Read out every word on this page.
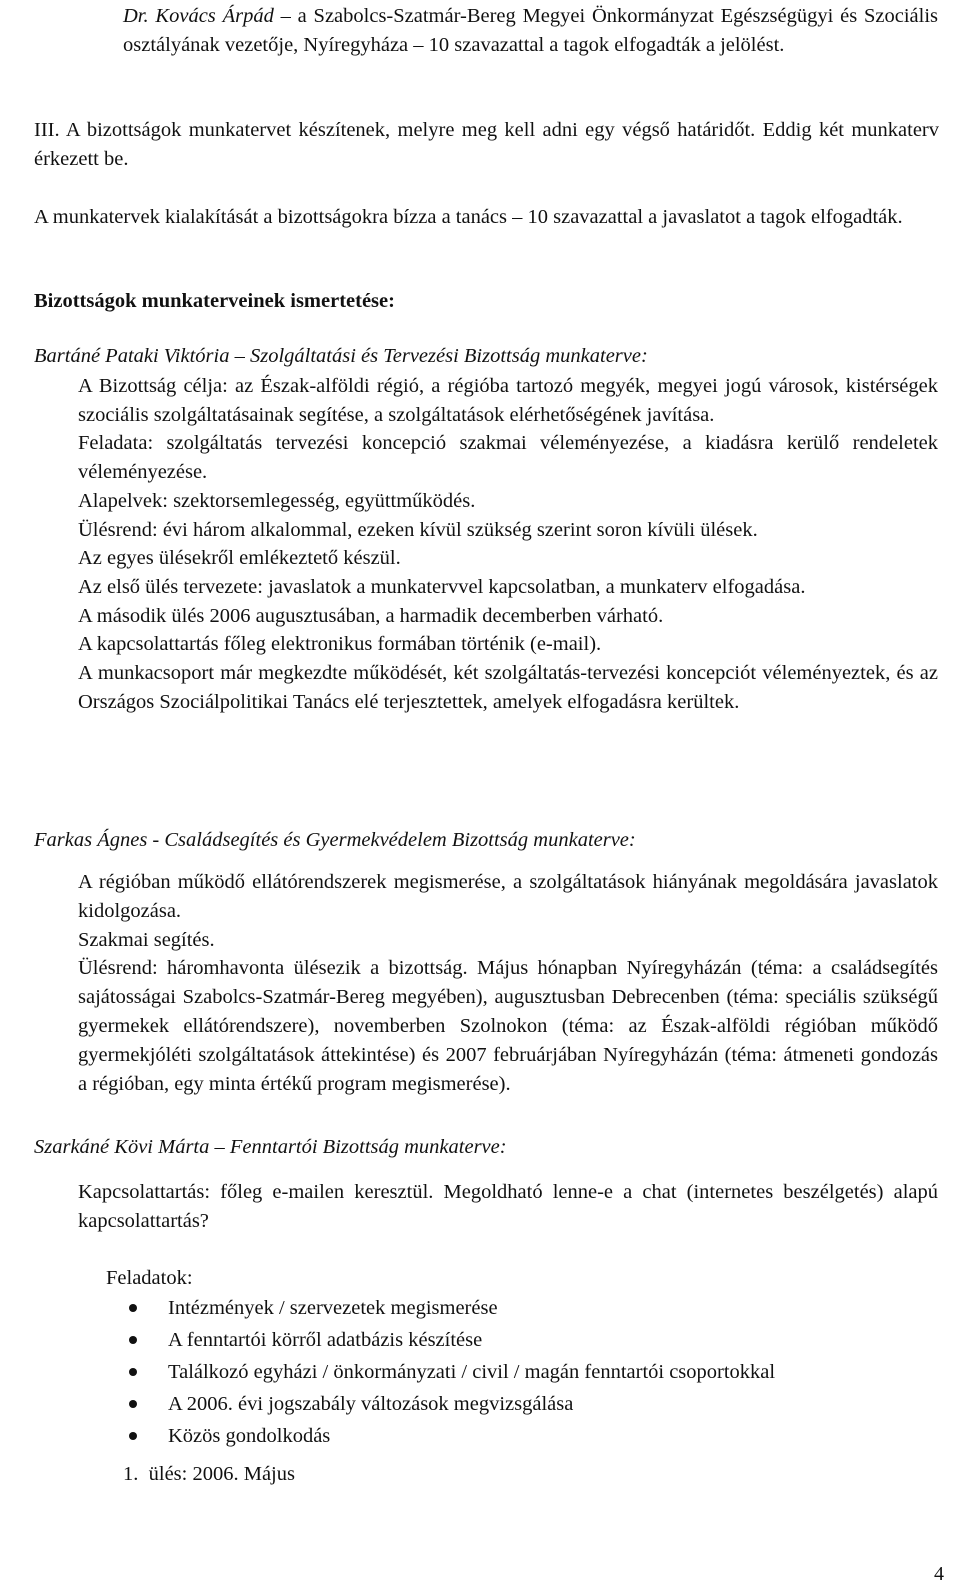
Dr. Kovács Árpád – a Szabolcs-Szatmár-Bereg Megyei Önkormányzat Egészségügyi és Szociális osztályának vezetője, Nyíregyháza – 10 szavazattal a tagok elfogadták a jelölést.

III. A bizottságok munkatervet készítenek, melyre meg kell adni egy végső határidőt. Eddig két munkaterv érkezett be.

A munkatervek kialakítását a bizottságokra bízza a tanács – 10 szavazattal a javaslatot a tagok elfogadták.

Bizottságok munkaterveinek ismertetése:
Bartáné Pataki Viktória – Szolgáltatási és Tervezési Bizottság munkaterve:

A Bizottság célja: az Észak-alföldi régió, a régióba tartozó megyék, megyei jogú városok, kistérségek szociális szolgáltatásainak segítése, a szolgáltatások elérhetőségének javítása.

Feladata: szolgáltatás tervezési koncepció szakmai véleményezése, a kiadásra kerülő rendeletek véleményezése.

Alapelvek: szektorsemlegesség, együttműködés.

Ülésrend: évi három alkalommal, ezeken kívül szükség szerint soron kívüli ülések.

Az egyes ülésekről emlékeztető készül.

Az első ülés tervezete: javaslatok a munkatervvel kapcsolatban, a munkaterv elfogadása.

A második ülés 2006 augusztusában, a harmadik decemberben várható.

A kapcsolattartás főleg elektronikus formában történik (e-mail).

A munkacsoport már megkezdte működését, két szolgáltatás-tervezési koncepciót véleményeztek, és az Országos Szociálpolitikai Tanács elé terjesztettek, amelyek elfogadásra kerültek.

Farkas Ágnes - Családsegítés és Gyermekvédelem Bizottság munkaterve:

A régióban működő ellátórendszerek megismerése, a szolgáltatások hiányának megoldására javaslatok kidolgozása.

Szakmai segítés.

Ülésrend: háromhavonta ülésezik a bizottság. Május hónapban Nyíregyházán (téma: a családsegítés sajátosságai Szabolcs-Szatmár-Bereg megyében), augusztusban Debrecenben (téma: speciális szükségű gyermekek ellátórendszere), novemberben Szolnokon (téma: az Észak-alföldi régióban működő gyermekjóléti szolgáltatások áttekintése) és 2007 februárjában Nyíregyházán (téma: átmeneti gondozás a régióban, egy minta értékű program megismerése).

Szarkáné Kövi Márta – Fenntartói Bizottság munkaterve:
Kapcsolattartás: főleg e-mailen keresztül. Megoldható lenne-e a chat (internetes beszélgetés) alapú kapcsolattartás?
Feladatok:
Intézmények / szervezetek megismerése
A fenntartói körről adatbázis készítése
Találkozó egyházi / önkormányzati / civil / magán fenntartói csoportokkal
A 2006. évi jogszabály változások megvizsgálása
Közös gondolkodás
1. ülés: 2006. Május
4
